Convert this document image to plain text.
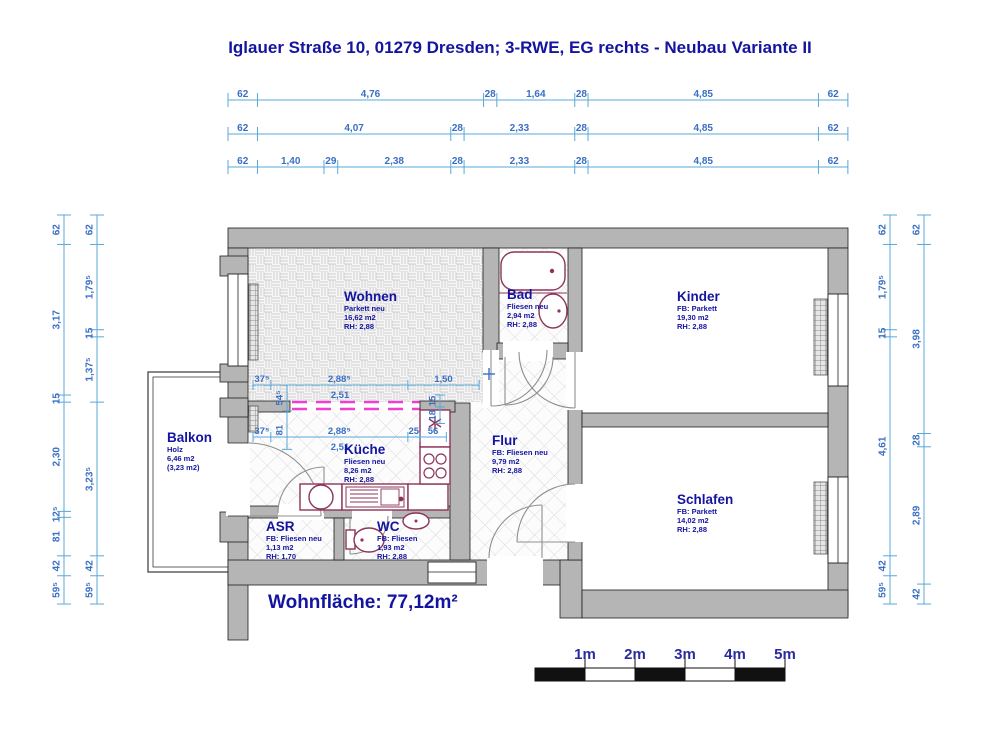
Iglauer Straße 10, 01279 Dresden; 3-RWE, EG rechts - Neubau Variante II
62	4,76	28	1,64	28	4,85	62
62	4,07	28	2,33	28	4,85	62
62	1,40 29	2,38	28	2,33	28	4,85	62
62
3,17
15
2,30
12⁵
81
42
59⁵
62
1,79⁵
15
1,37⁵
3,23⁵
42
59⁵
62
1,79⁵
15
4,61
42
59⁵
62
3,98
28
2,89
42
37⁵	2,88⁵	1,50
2,51
37⁵	2,88⁵	25 56
2,51
54⁵
81
15
18
Wohnen
Parkett neu
16,62 m2
RH: 2,88
Bad
Fliesen neu
2,94 m2
RH: 2,88
Kinder
FB: Parkett
19,30 m2
RH: 2,88
Balkon
Holz
6,46 m2
(3,23 m2)
Küche
Fliesen neu
8,26 m2
RH: 2,88
Flur
FB: Fliesen neu
9,79 m2
RH: 2,88
ASR
FB: Fliesen neu
1,13 m2
RH: 1,70
WC
FB: Fliesen
1,93 m2
RH: 2,88
Schlafen
FB: Parkett
14,02 m2
RH: 2,88
Wohnfläche: 77,12m²
1m 2m 3m 4m 5m
